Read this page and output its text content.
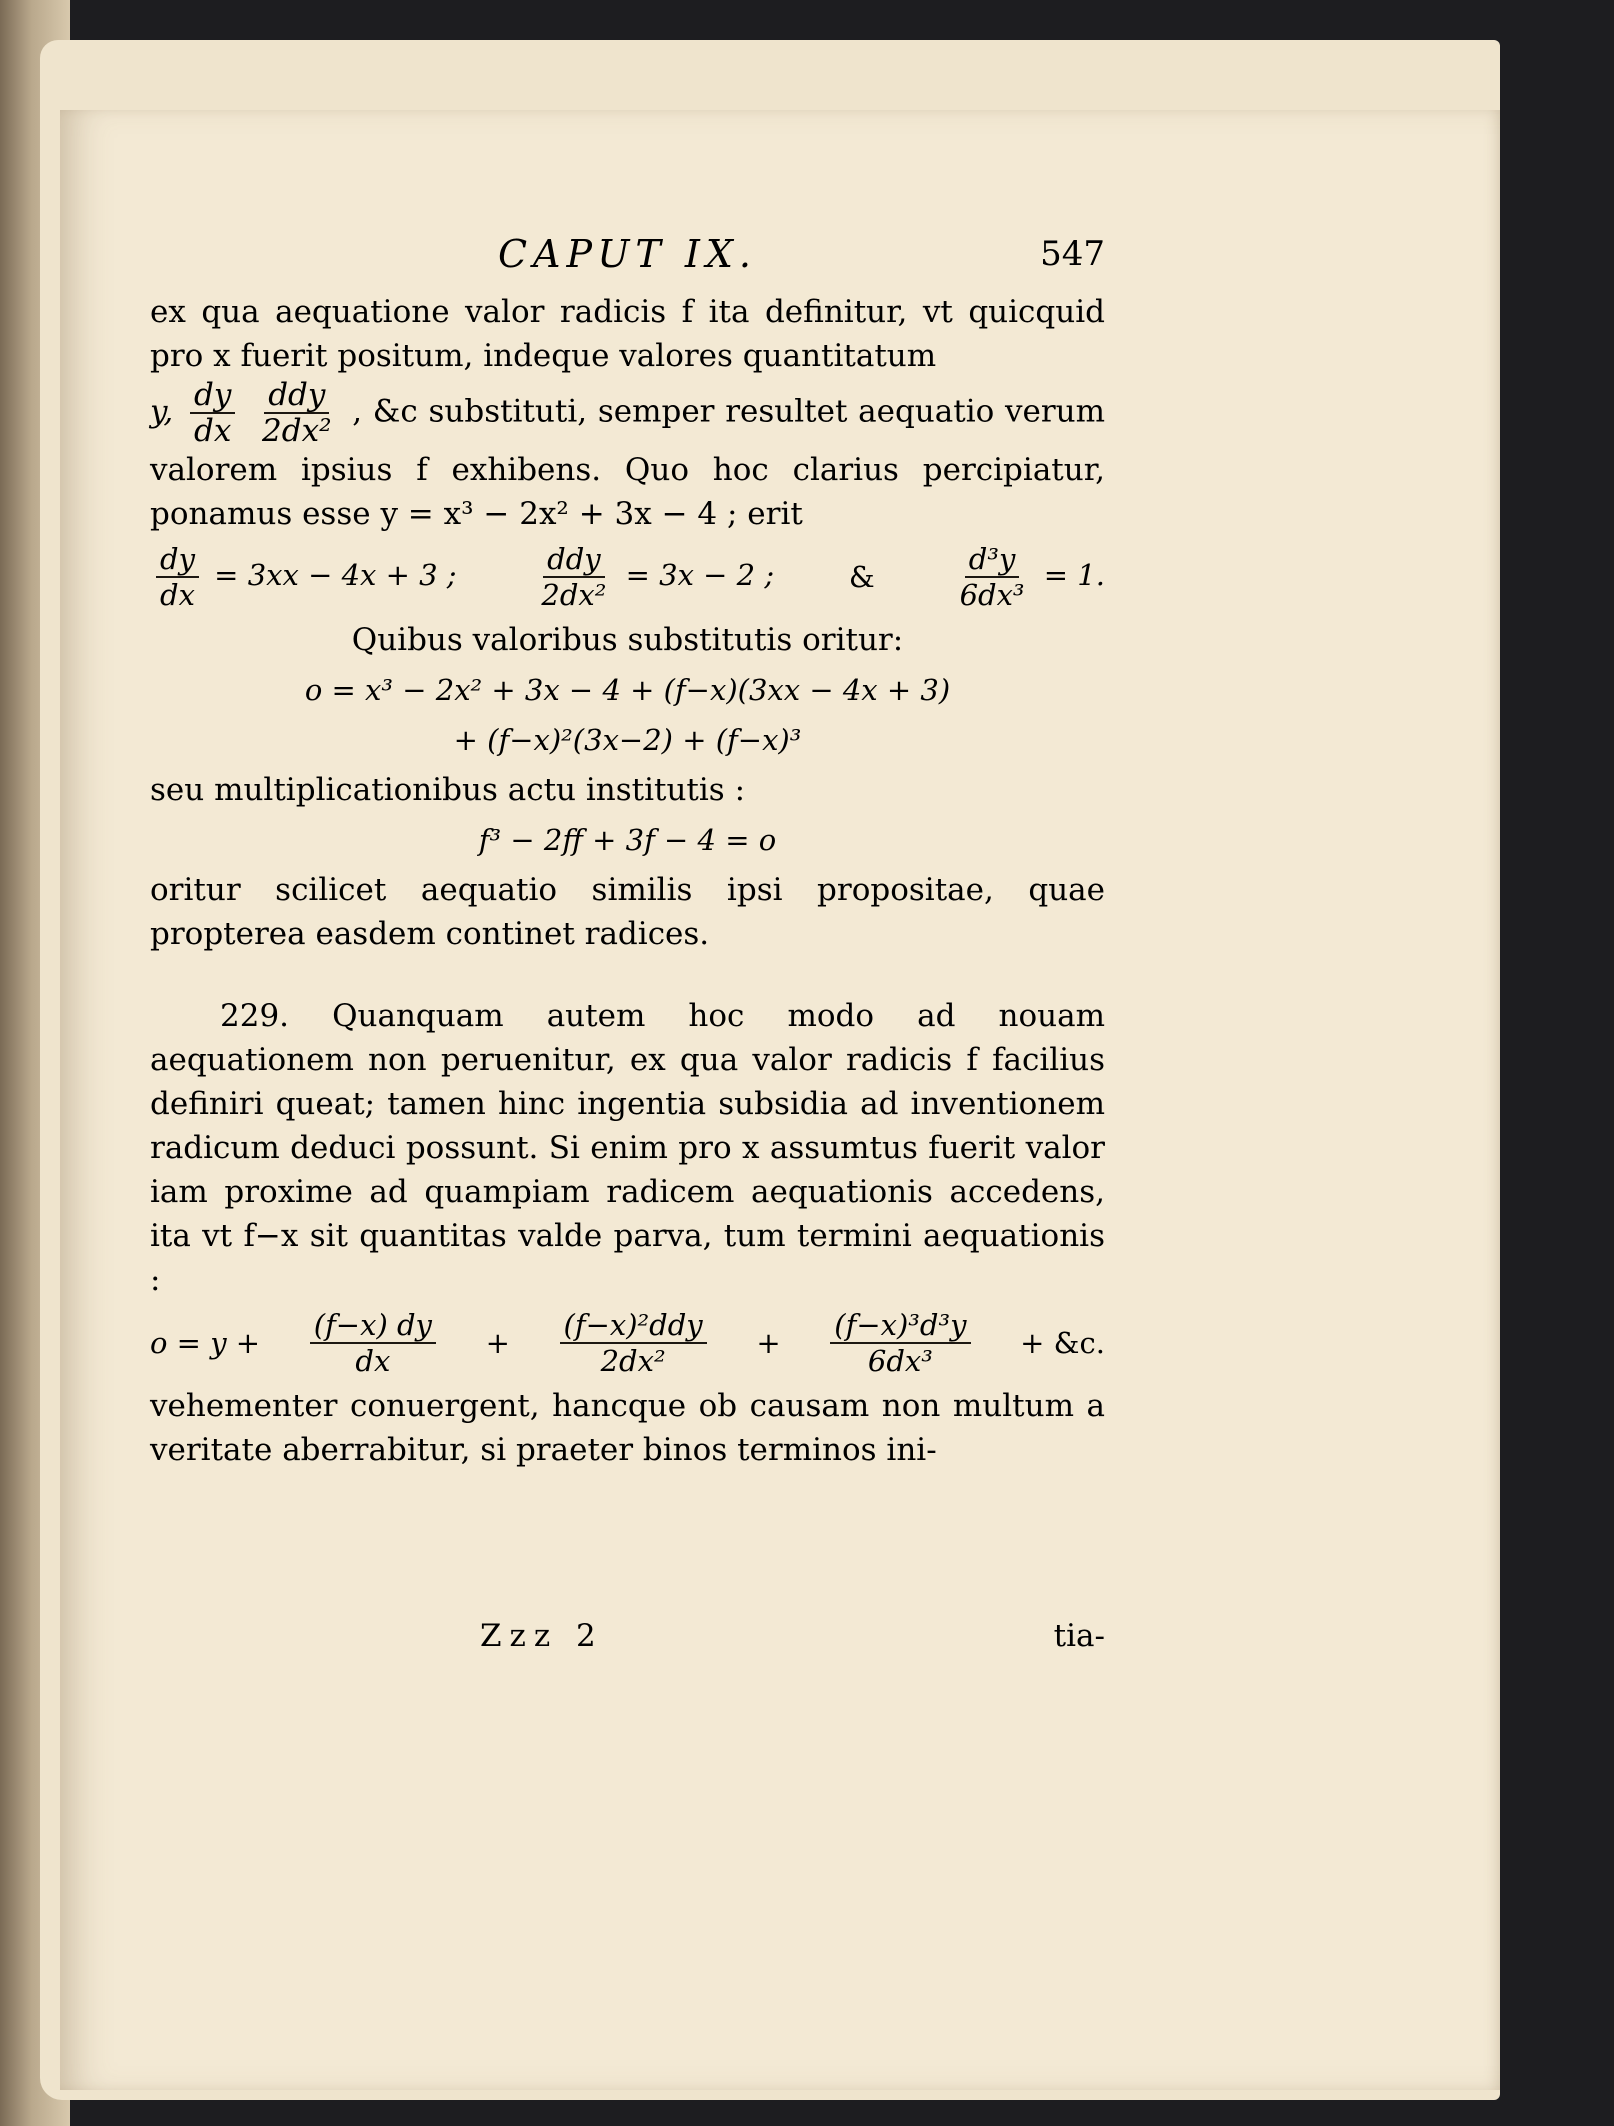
CAPUT IX.	547

ex qua aequatione valor radicis f ita definitur, vt quicquid pro x fuerit positum, indeque valores quantitatum

y, $\frac{dy}{dx}$
$\frac{\text{ddy}}{\text{2dx²}}$ , &c substituti, semper resultet aequatio verum valorem ipsius f exhibens. Quo hoc clarius percipiatur, ponamus esse y = x³ − 2x² + 3x − 4 ; erit

$\frac{dy}{dx} = 3xx - 4x + 3$ ;	$\frac{\text{ddy}}{\text{2dx²}} = 3x - 2$ ;	&	$\frac{\text{d³y}}{\text{6dx³}} = 1$.

Quibus valoribus substitutis oritur:

o = x³ − 2x² + 3x − 4 + (f−x)(3xx − 4x + 3)
+ (f−x)²(3x−2) + (f−x)³

seu multiplicationibus actu institutis :

f³ − 2ff + 3f − 4 = o

oritur scilicet aequatio similis ipsi propositae, quae propterea easdem continet radices.

229. Quanquam autem hoc modo ad nouam aequationem non peruenitur, ex qua valor radicis f facilius definiri queat; tamen hinc ingentia subsidia ad inventionem radicum deduci possunt. Si enim pro x assumtus fuerit valor iam proxime ad quampiam radicem aequationis accedens, ita vt f−x sit quantitas valde parva, tum termini aequationis :

$o = y + \frac{(f-x) dy}{dx} + \frac{\text{(f−x)²ddy}}{\text{2dx²}} + \frac{\text{(f−x)³d³y}}{\text{6dx³}}$ + &c.

vehementer conuergent, hancque ob causam non multum a veritate aberrabitur, si praeter binos terminos ini-

Zzz 2	tia-
